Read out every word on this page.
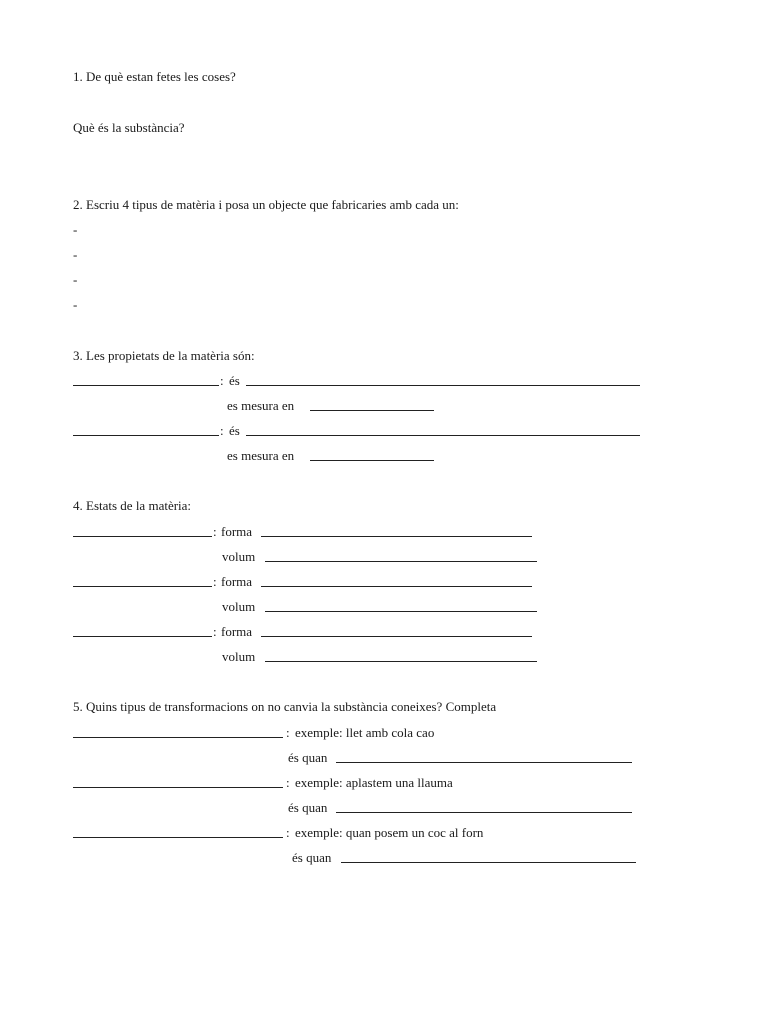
1. De què estan fetes les coses?
Què és la substància?
2. Escriu 4 tipus de matèria i posa un objecte que fabricaries amb cada un:
-
-
-
-
3. Les propietats de la matèria són:
: és
es mesura en
: és
es mesura en
4. Estats de la matèria:
: forma
volum
: forma
volum
: forma
volum
5. Quins tipus de transformacions on no canvia la substància coneixes? Completa
: exemple: llet amb cola cao
és quan
: exemple: aplastem una llauma
és quan
: exemple: quan posem un coc al forn
és quan
